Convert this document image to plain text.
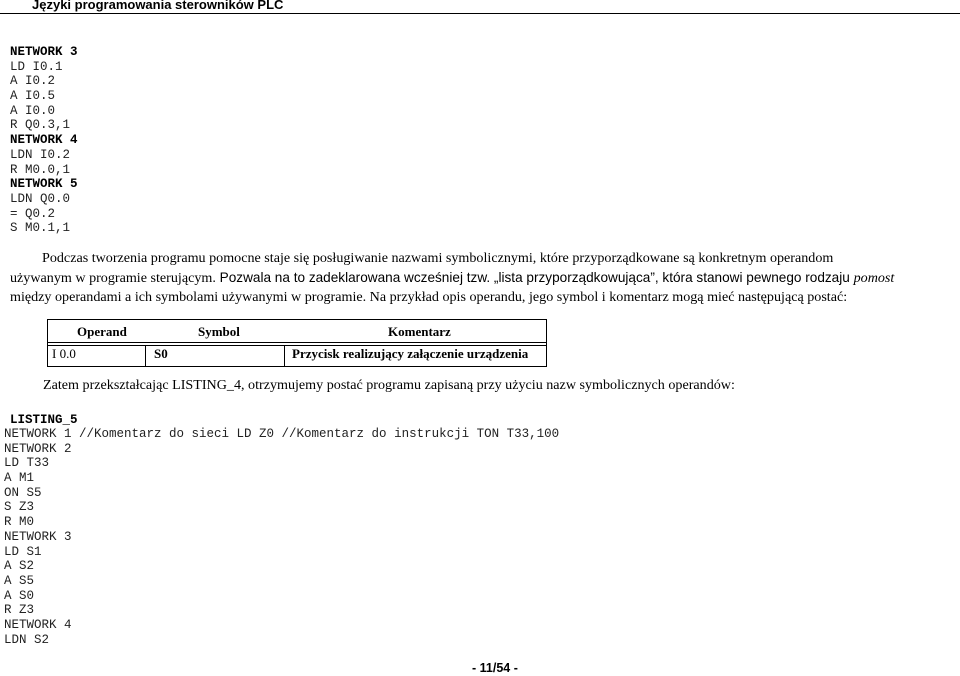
Języki programowania sterowników PLC
NETWORK 3
LD I0.1
A I0.2
A I0.5
A I0.0
R Q0.3,1
NETWORK 4
LDN I0.2
R M0.0,1
NETWORK 5
LDN Q0.0
= Q0.2
S M0.1,1
Podczas tworzenia programu pomocne staje się posługiwanie nazwami symbolicznymi, które przyporządkowane są konkretnym operandom
używanym w programie sterującym. Pozwala na to zadeklarowana wcześniej tzw. „lista przyporządkowująca”, która stanowi pewnego rodzaju pomost
między operandami a ich symbolami używanymi w programie. Na przykład opis operandu, jego symbol i komentarz mogą mieć następującą postać:
Operand	Symbol	Komentarz
I 0.0	S0	Przycisk realizujący załączenie urządzenia
Zatem przekształcając LISTING_4, otrzymujemy postać programu zapisaną przy użyciu nazw symbolicznych operandów:
LISTING_5
NETWORK 1 //Komentarz do sieci LD Z0 //Komentarz do instrukcji TON T33,100
NETWORK 2
LD T33
A M1
ON S5
S Z3
R M0
NETWORK 3
LD S1
A S2
A S5
A S0
R Z3
NETWORK 4
LDN S2
- 11/54 -
